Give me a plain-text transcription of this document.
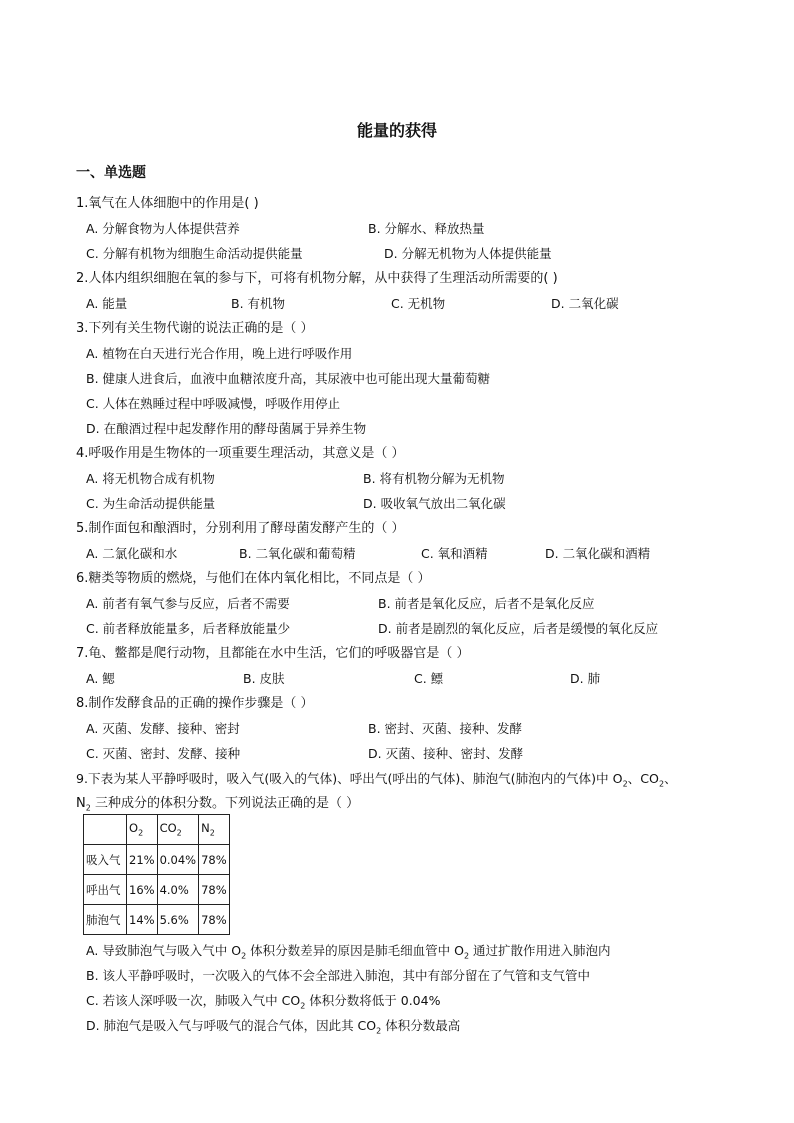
能量的获得
一、单选题
1.氧气在人体细胞中的作用是( )
A. 分解食物为人体提供营养	B. 分解水、释放热量
C. 分解有机物为细胞生命活动提供能量	D. 分解无机物为人体提供能量
2.人体内组织细胞在氧的参与下，可将有机物分解，从中获得了生理活动所需要的( )
A. 能量	B. 有机物	C. 无机物	D. 二氧化碳
3.下列有关生物代谢的说法正确的是（ ）
A. 植物在白天进行光合作用，晚上进行呼吸作用
B. 健康人进食后，血液中血糖浓度升高，其尿液中也可能出现大量葡萄糖
C. 人体在熟睡过程中呼吸减慢，呼吸作用停止
D. 在酿酒过程中起发酵作用的酵母菌属于异养生物
4.呼吸作用是生物体的一项重要生理活动，其意义是（ ）
A. 将无机物合成有机物	B. 将有机物分解为无机物
C. 为生命活动提供能量	D. 吸收氧气放出二氧化碳
5.制作面包和酿酒时，分别利用了酵母菌发酵产生的（ ）
A. 二氯化碳和水	B. 二氧化碳和葡萄精	C. 氧和酒精	D. 二氧化碳和酒精
6.糖类等物质的燃烧，与他们在体内氧化相比，不同点是（ ）
A. 前者有氧气参与反应，后者不需要	B. 前者是氧化反应，后者不是氧化反应
C. 前者释放能量多，后者释放能量少	D. 前者是剧烈的氧化反应，后者是缓慢的氧化反应
7.龟、鳖都是爬行动物，且都能在水中生活，它们的呼吸器官是（ ）
A. 鳃	B. 皮肤	C. 鳔	D. 肺
8.制作发酵食品的正确的操作步骤是（ ）
A. 灭菌、发酵、接种、密封	B. 密封、灭菌、接种、发酵
C. 灭菌、密封、发酵、接种	D. 灭菌、接种、密封、发酵
9.下表为某人平静呼吸时，吸入气(吸入的气体)、呼出气(呼出的气体)、肺泡气(肺泡内的气体)中 $O_2$、$CO_2$、
$N_2$ 三种成分的体积分数。下列说法正确的是（ ）
	$O_2$	$CO_2$	$N_2$
吸入气	21%	0.04%	78%
呼出气	16%	4.0%	78%
肺泡气	14%	5.6%	78%
A. 导致肺泡气与吸入气中 $O_2$ 体积分数差异的原因是肺毛细血管中 $O_2$ 通过扩散作用进入肺泡内
B. 该人平静呼吸时，一次吸入的气体不会全部进入肺泡，其中有部分留在了气管和支气管中
C. 若该人深呼吸一次，肺吸入气中 $CO_2$ 体积分数将低于 0.04%
D. 肺泡气是吸入气与呼吸气的混合气体，因此其 $CO_2$ 体积分数最高
